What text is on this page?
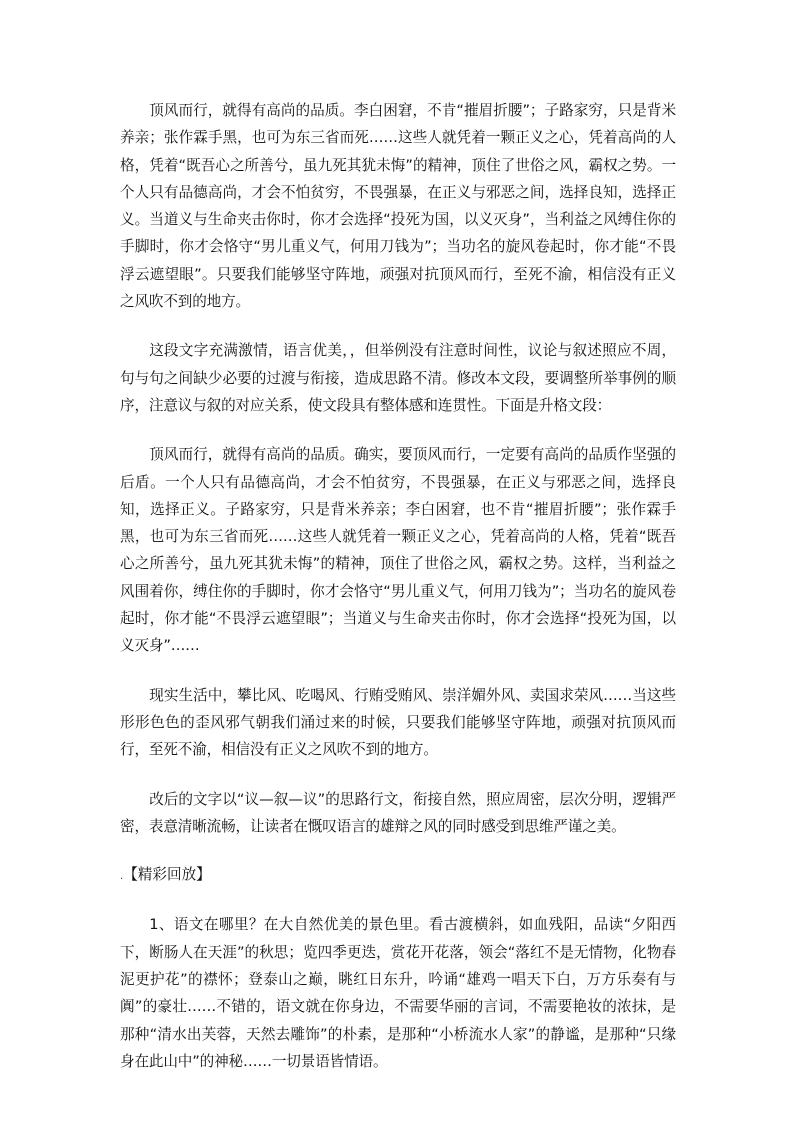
顶风而行，就得有高尚的品质。李白困窘，不肯“摧眉折腰”；子路家穷，只是背米养亲；张作霖手黑，也可为东三省而死……这些人就凭着一颗正义之心，凭着高尚的人格，凭着“既吾心之所善兮，虽九死其犹未悔”的精神，顶住了世俗之风，霸权之势。一个人只有品德高尚，才会不怕贫穷，不畏强暴，在正义与邪恶之间，选择良知，选择正义。当道义与生命夹击你时，你才会选择“投死为国，以义灭身”，当利益之风缚住你的手脚时，你才会恪守“男儿重义气，何用刀钱为”；当功名的旋风卷起时，你才能“不畏浮云遮望眼”。只要我们能够坚守阵地，顽强对抗顶风而行，至死不渝，相信没有正义之风吹不到的地方。

这段文字充满激情，语言优美，，但举例没有注意时间性，议论与叙述照应不周，句与句之间缺少必要的过渡与衔接，造成思路不清。修改本文段，要调整所举事例的顺序，注意议与叙的对应关系，使文段具有整体感和连贯性。下面是升格文段：

顶风而行，就得有高尚的品质。确实，要顶风而行，一定要有高尚的品质作坚强的后盾。一个人只有品德高尚，才会不怕贫穷，不畏强暴，在正义与邪恶之间，选择良知，选择正义。子路家穷，只是背米养亲；李白困窘，也不肯“摧眉折腰”；张作霖手黑，也可为东三省而死……这些人就凭着一颗正义之心，凭着高尚的人格，凭着“既吾心之所善兮，虽九死其犹未悔”的精神，顶住了世俗之风，霸权之势。这样，当利益之风围着你，缚住你的手脚时，你才会恪守“男儿重义气，何用刀钱为”；当功名的旋风卷起时，你才能“不畏浮云遮望眼”；当道义与生命夹击你时，你才会选择“投死为国，以义灭身”……

现实生活中，攀比风、吃喝风、行贿受贿风、崇洋媚外风、卖国求荣风……当这些形形色色的歪风邪气朝我们涌过来的时候，只要我们能够坚守阵地，顽强对抗顶风而行，至死不渝，相信没有正义之风吹不到的地方。

改后的文字以“议—叙—议”的思路行文，衔接自然，照应周密，层次分明，逻辑严密，表意清晰流畅，让读者在慨叹语言的雄辩之风的同时感受到思维严谨之美。

.【精彩回放】

1、语文在哪里？在大自然优美的景色里。看古渡横斜，如血残阳，品读“夕阳西下，断肠人在天涯”的秋思；览四季更迭，赏花开花落，领会“落红不是无情物，化物春泥更护花”的襟怀；登泰山之巅，眺红日东升，吟诵“雄鸡一唱天下白，万方乐奏有与阗”的豪壮……不错的，语文就在你身边，不需要华丽的言词，不需要艳妆的浓抹，是那种“清水出芙蓉，天然去雕饰”的朴素，是那种“小桥流水人家”的静谧，是那种“只缘身在此山中”的神秘……一切景语皆情语。
